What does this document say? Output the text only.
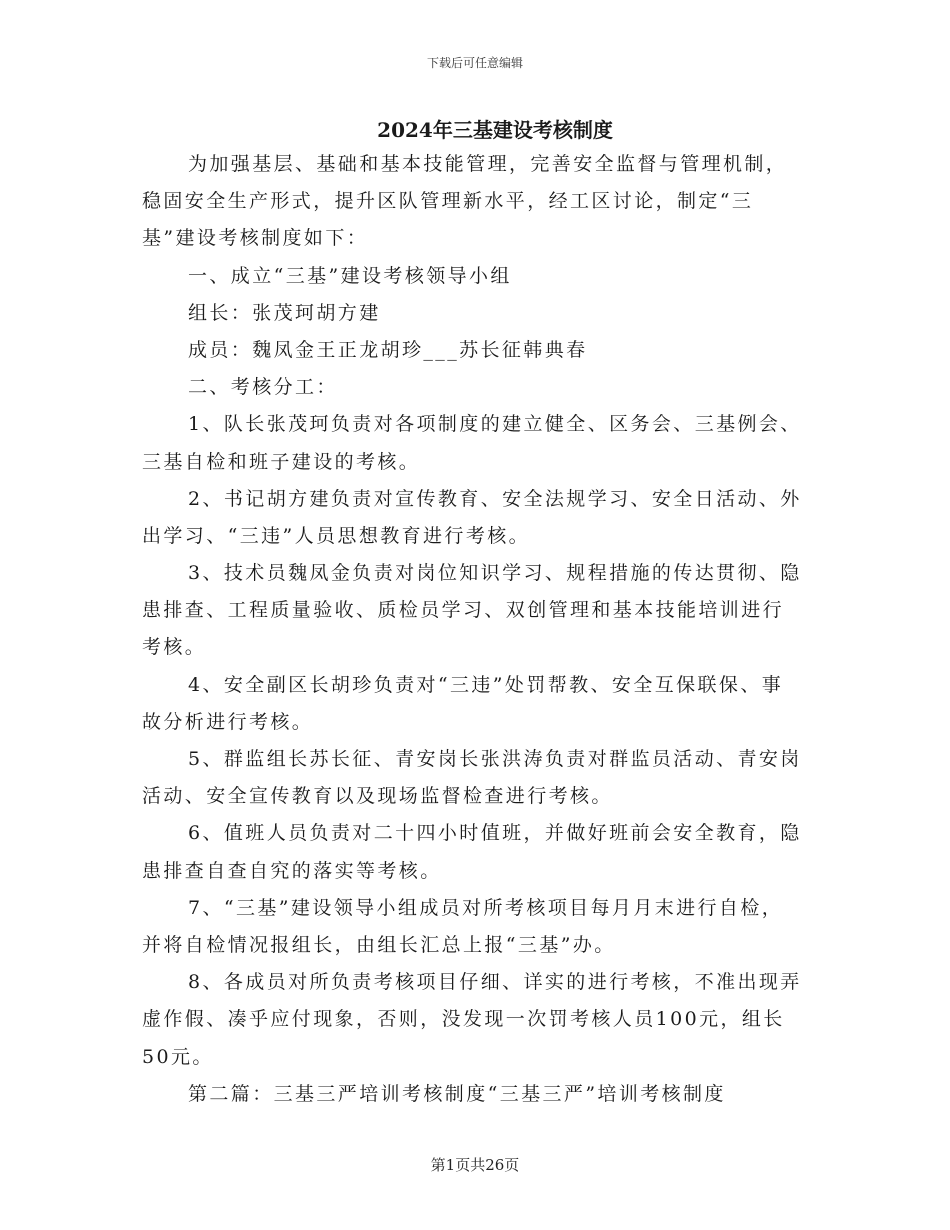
下载后可任意编辑
2024年三基建设考核制度
为加强基层、基础和基本技能管理，完善安全监督与管理机制，
稳固安全生产形式，提升区队管理新水平，经工区讨论，制定“三
基”建设考核制度如下：
一、成立“三基”建设考核领导小组
组长：张茂珂胡方建
成员：魏凤金王正龙胡珍___苏长征韩典春
二、考核分工：
1、队长张茂珂负责对各项制度的建立健全、区务会、三基例会、
三基自检和班子建设的考核。
2、书记胡方建负责对宣传教育、安全法规学习、安全日活动、外
出学习、“三违”人员思想教育进行考核。
3、技术员魏凤金负责对岗位知识学习、规程措施的传达贯彻、隐
患排查、工程质量验收、质检员学习、双创管理和基本技能培训进行
考核。
4、安全副区长胡珍负责对“三违”处罚帮教、安全互保联保、事
故分析进行考核。
5、群监组长苏长征、青安岗长张洪涛负责对群监员活动、青安岗
活动、安全宣传教育以及现场监督检查进行考核。
6、值班人员负责对二十四小时值班，并做好班前会安全教育，隐
患排查自查自究的落实等考核。
7、“三基”建设领导小组成员对所考核项目每月月末进行自检，
并将自检情况报组长，由组长汇总上报“三基”办。
8、各成员对所负责考核项目仔细、详实的进行考核，不准出现弄
虚作假、凑乎应付现象，否则，没发现一次罚考核人员100元，组长
50元。
第二篇：三基三严培训考核制度“三基三严”培训考核制度
第1页共26页
